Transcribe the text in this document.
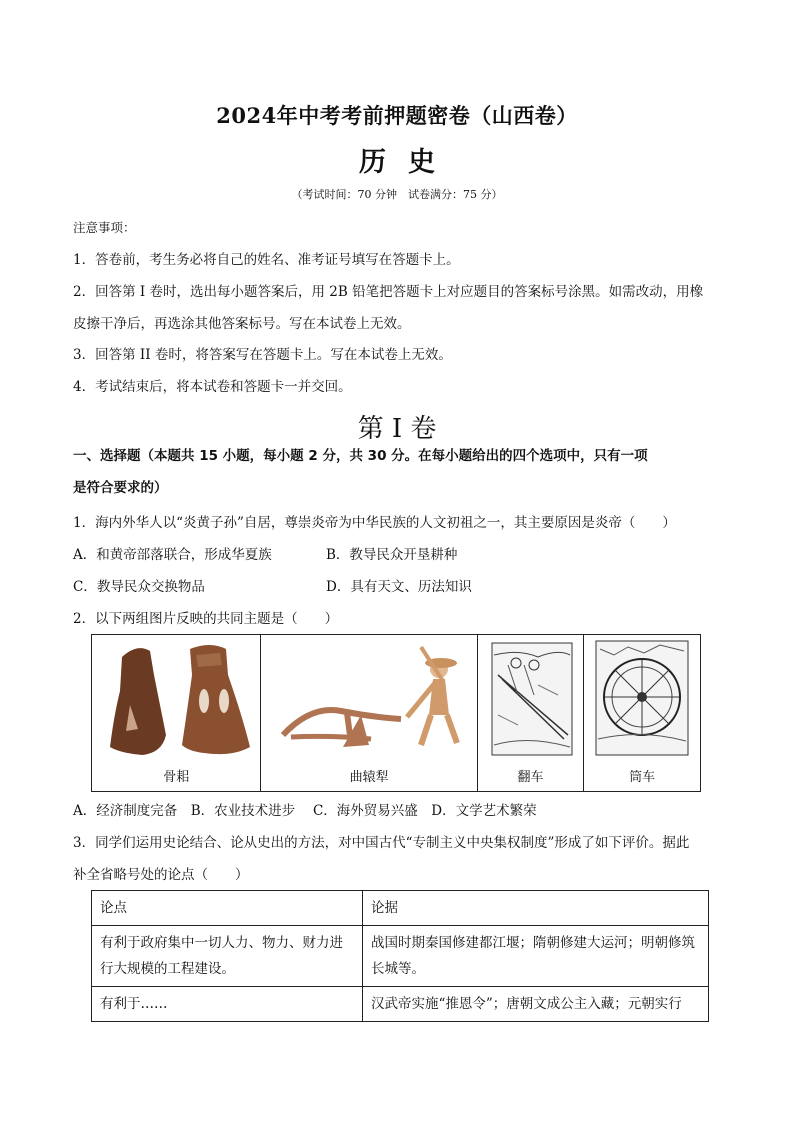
2024年中考考前押题密卷（山西卷）
历史
（考试时间：70 分钟　试卷满分：75 分）
注意事项：
1．答卷前，考生务必将自己的姓名、准考证号填写在答题卡上。
2．回答第 I 卷时，选出每小题答案后，用 2B 铅笔把答题卡上对应题目的答案标号涂黑。如需改动，用橡
皮擦干净后，再选涂其他答案标号。写在本试卷上无效。
3．回答第 II 卷时，将答案写在答题卡上。写在本试卷上无效。
4．考试结束后，将本试卷和答题卡一并交回。
第 I 卷
一、选择题（本题共 15 小题，每小题 2 分，共 30 分。在每小题给出的四个选项中，只有一项
是符合要求的）
1．海内外华人以“炎黄子孙”自居，尊崇炎帝为中华民族的人文初祖之一，其主要原因是炎帝（　　）
A．和黄帝部落联合，形成华夏族	B．教导民众开垦耕种
C．教导民众交换物品	D．具有天文、历法知识
2．以下两组图片反映的共同主题是（　　）
骨耜	曲辕犁	翻车	筒车
A．经济制度完备　B．农业技术进步　 C．海外贸易兴盛　D．文学艺术繁荣
3．同学们运用史论结合、论从史出的方法，对中国古代“专制主义中央集权制度”形成了如下评价。据此
补全省略号处的论点（　　）
论点	论据
有利于政府集中一切人力、物力、财力进行大规模的工程建设。	战国时期秦国修建都江堰；隋朝修建大运河；明朝修筑长城等。
有利于……	汉武帝实施“推恩令”；唐朝文成公主入藏；元朝实行
